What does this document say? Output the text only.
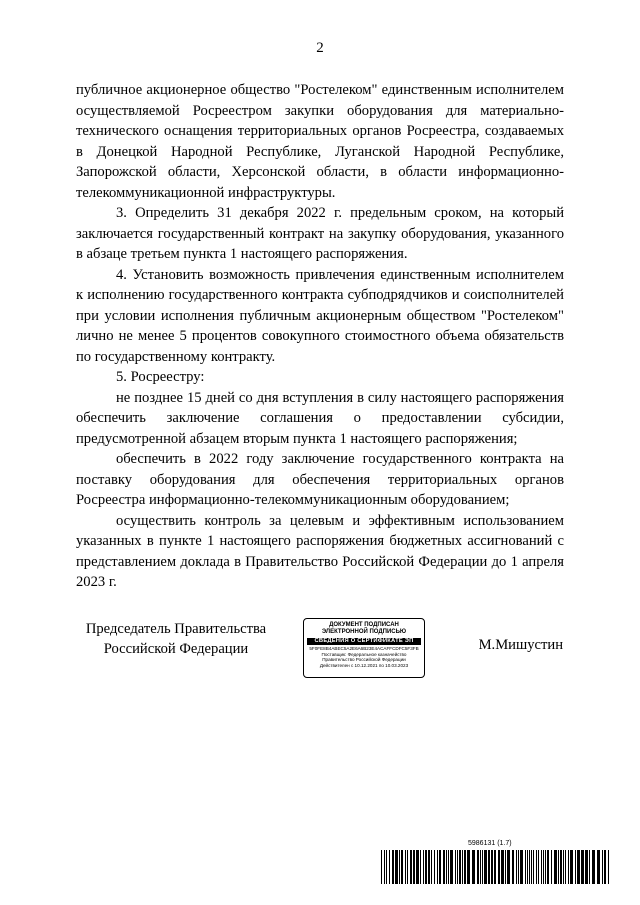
2

публичное акционерное общество "Ростелеком" единственным исполнителем осуществляемой Росреестром закупки оборудования для материально-технического оснащения территориальных органов Росреестра, создаваемых в Донецкой Народной Республике, Луганской Народной Республике, Запорожской области, Херсонской области, в области информационно-телекоммуникационной инфраструктуры.

3. Определить 31 декабря 2022 г. предельным сроком, на который заключается государственный контракт на закупку оборудования, указанного в абзаце третьем пункта 1 настоящего распоряжения.

4. Установить возможность привлечения единственным исполнителем к исполнению государственного контракта субподрядчиков и соисполнителей при условии исполнения публичным акционерным обществом "Ростелеком" лично не менее 5 процентов совокупного стоимостного объема обязательств по государственному контракту.

5. Росреестру:

не позднее 15 дней со дня вступления в силу настоящего распоряжения обеспечить заключение соглашения о предоставлении субсидии, предусмотренной абзацем вторым пункта 1 настоящего распоряжения;

обеспечить в 2022 году заключение государственного контракта на поставку оборудования для обеспечения территориальных органов Росреестра информационно-телекоммуникационным оборудованием;

осуществить контроль за целевым и эффективным использованием указанных в пункте 1 настоящего распоряжения бюджетных ассигнований с представлением доклада в Правительство Российской Федерации до 1 апреля 2023 г.

Председатель Правительства
Российской Федерации
ДОКУМЕНТ ПОДПИСАН
ЭЛЕКТРОННОЙ ПОДПИСЬЮ
СВЕДЕНИЯ О СЕРТИФИКАТЕ ЭП
5F0FE8B4ABEC5A2E6A6B23E4ACAFFCDFC5F3FB
Поставщик: Федеральное казначейство
Правительство Российской Федерации
Действителен с 10.12.2021 по 10.03.2023
М.Мишустин
5986131 (1.7)
